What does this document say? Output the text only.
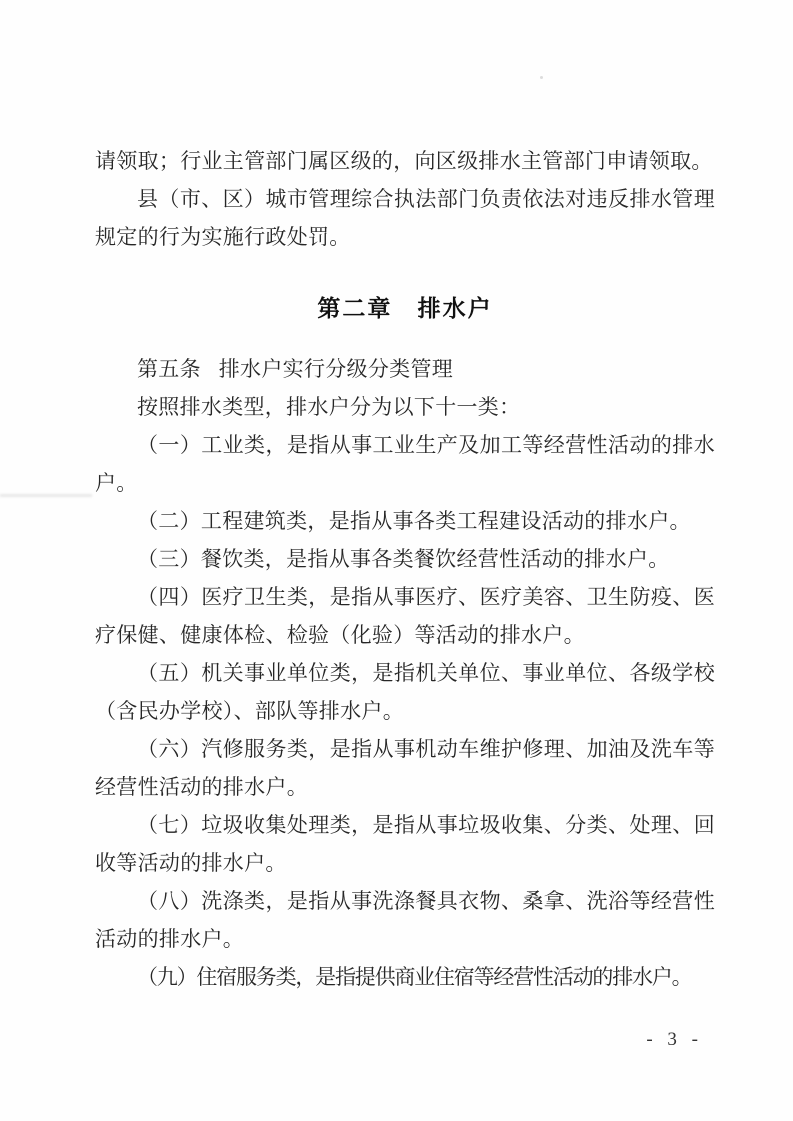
请领取；行业主管部门属区级的，向区级排水主管部门申请领取。

县（市、区）城市管理综合执法部门负责依法对违反排水管理规定的行为实施行政处罚。

第二章 排水户

第五条 排水户实行分级分类管理

按照排水类型，排水户分为以下十一类：

（一）工业类，是指从事工业生产及加工等经营性活动的排水户。

（二）工程建筑类，是指从事各类工程建设活动的排水户。

（三）餐饮类，是指从事各类餐饮经营性活动的排水户。

（四）医疗卫生类，是指从事医疗、医疗美容、卫生防疫、医疗保健、健康体检、检验（化验）等活动的排水户。

（五）机关事业单位类，是指机关单位、事业单位、各级学校（含民办学校）、部队等排水户。

（六）汽修服务类，是指从事机动车维护修理、加油及洗车等经营性活动的排水户。

（七）垃圾收集处理类，是指从事垃圾收集、分类、处理、回收等活动的排水户。

（八）洗涤类，是指从事洗涤餐具衣物、桑拿、洗浴等经营性活动的排水户。

（九）住宿服务类，是指提供商业住宿等经营性活动的排水户。

- 3 -
